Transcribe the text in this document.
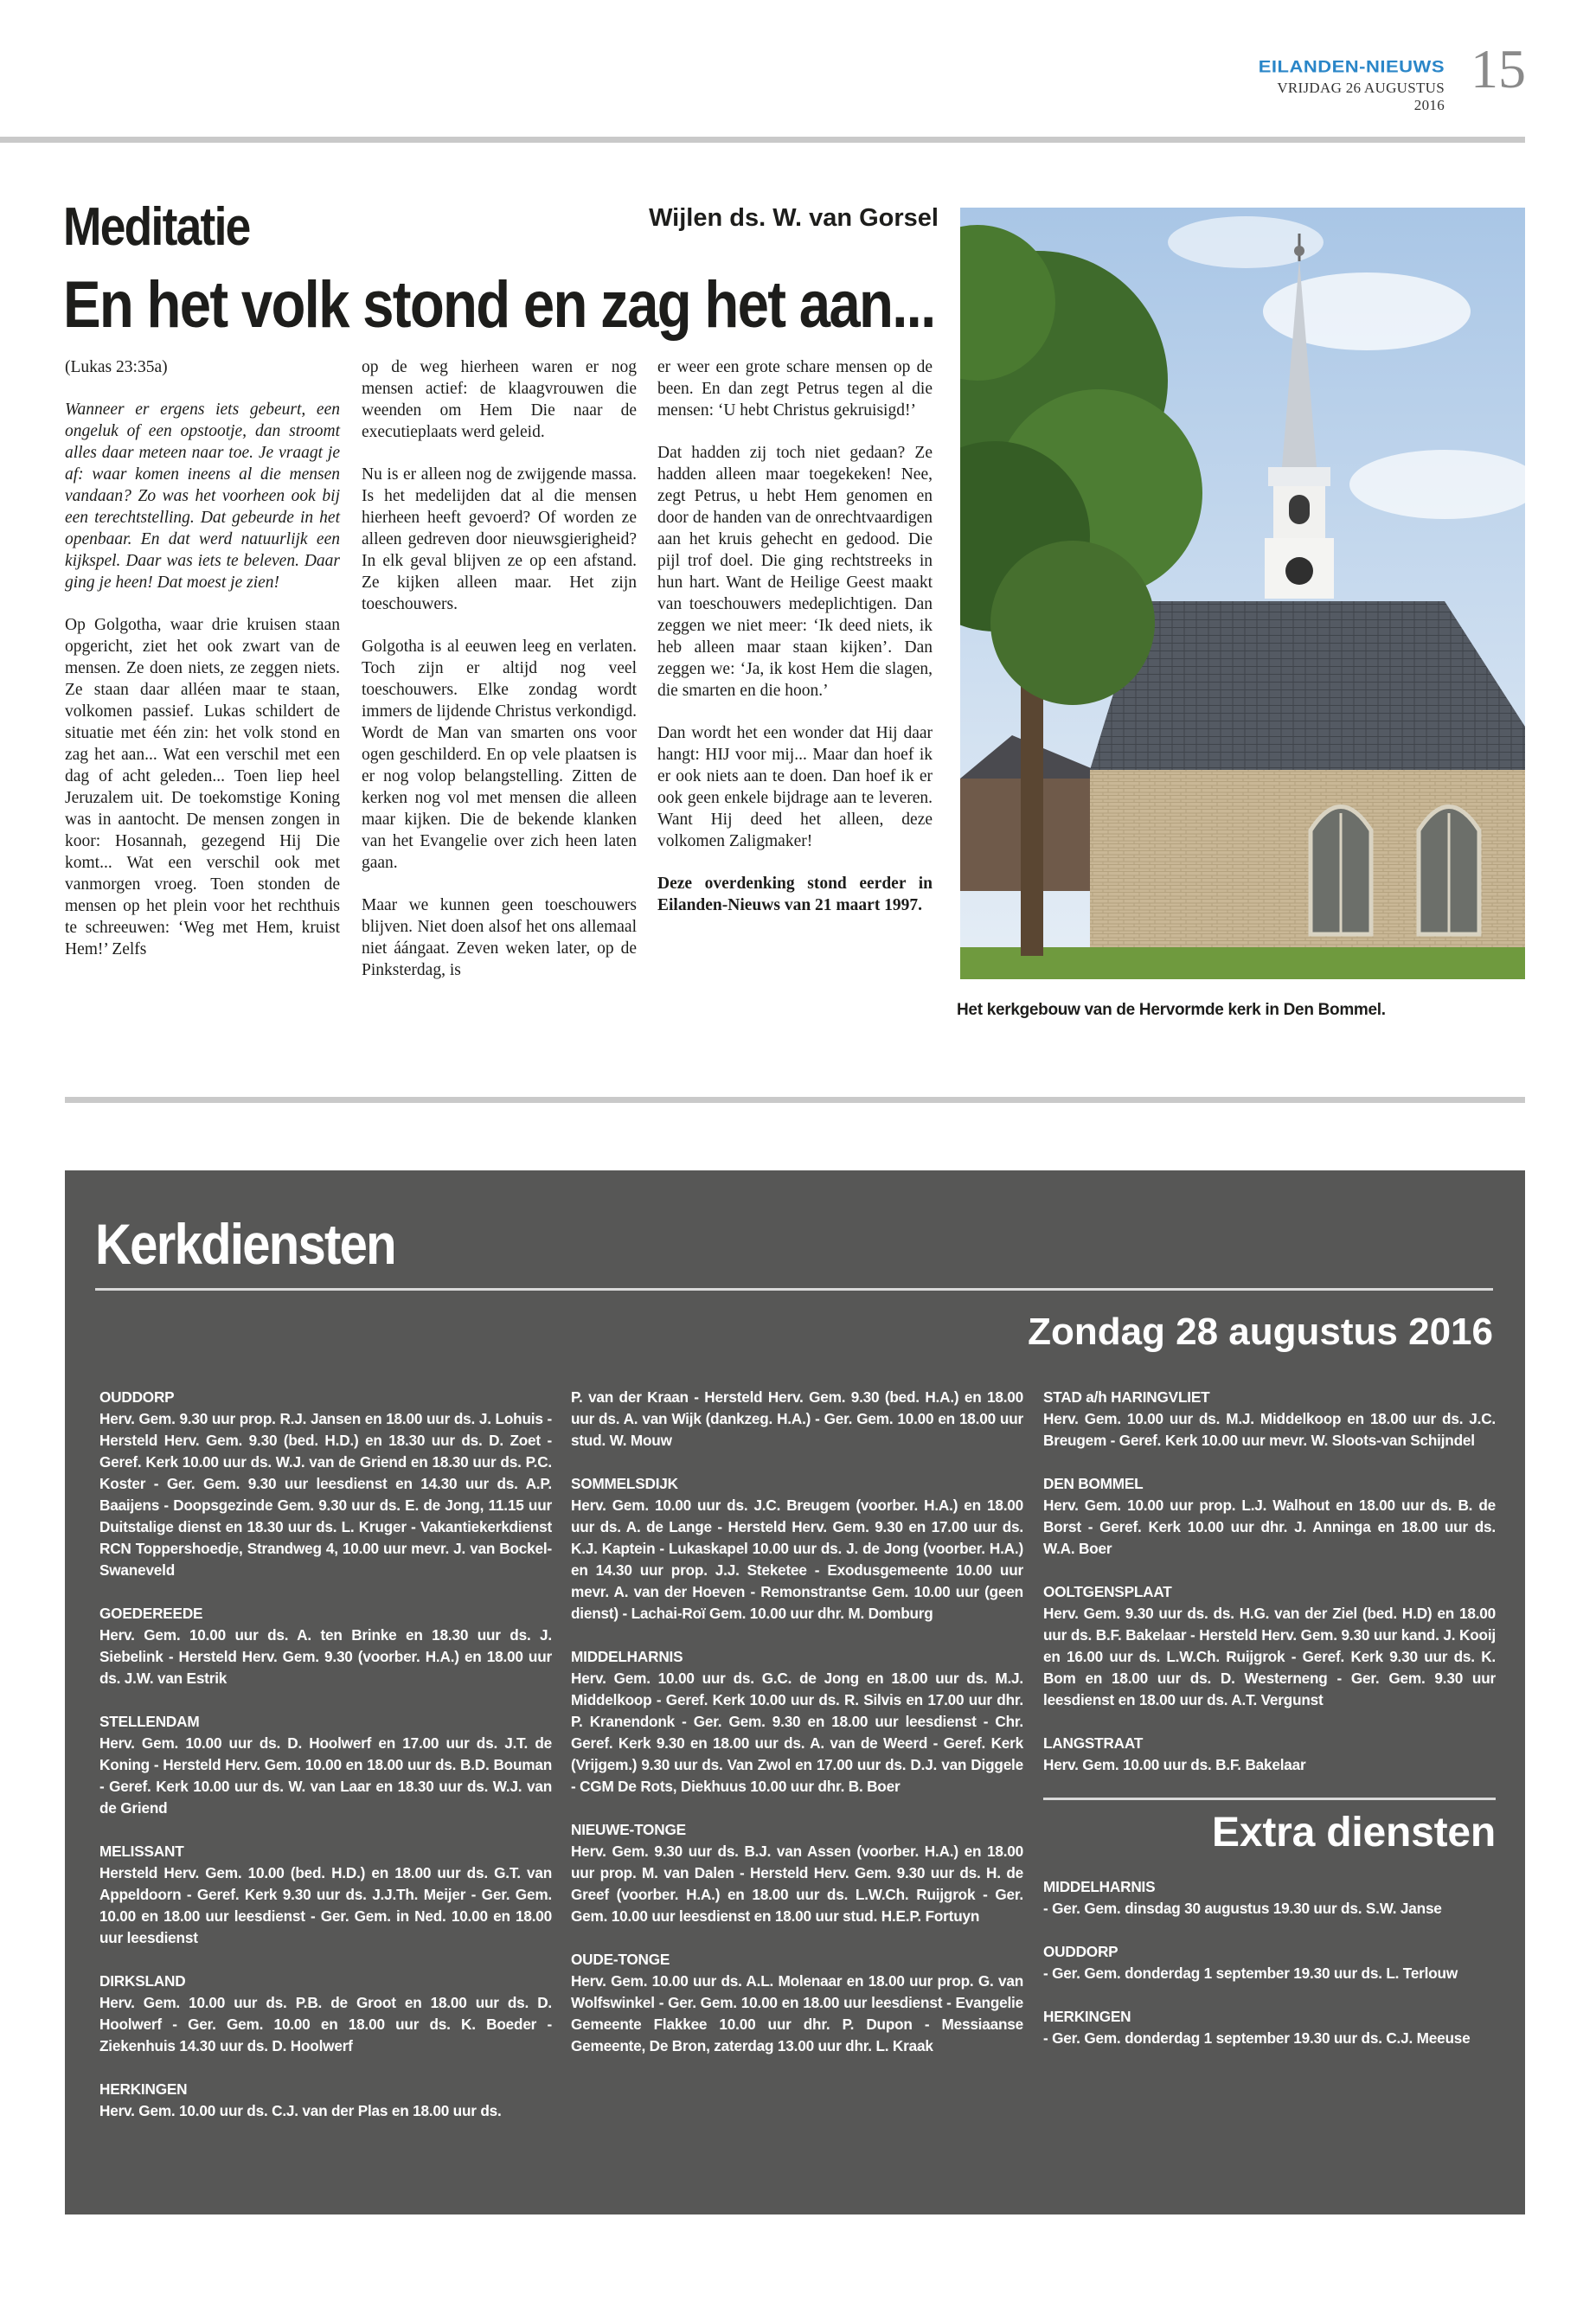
EILANDEN-NIEUWS
VRIJDAG 26 AUGUSTUS 2016
15
Meditatie	Wijlen ds. W. van Gorsel
En het volk stond en zag het aan...

(Lukas 23:35a)

Wanneer er ergens iets gebeurt, een ongeluk of een opstootje, dan stroomt alles daar meteen naar toe. Je vraagt je af: waar komen ineens al die mensen vandaan? Zo was het voorheen ook bij een terechtstelling. Dat gebeurde in het openbaar. En dat werd natuurlijk een kijkspel. Daar was iets te beleven. Daar ging je heen! Dat moest je zien!

Op Golgotha, waar drie kruisen staan opgericht, ziet het ook zwart van de mensen. Ze doen niets, ze zeggen niets. Ze staan daar alléen maar te staan, volkomen passief. Lukas schildert de situatie met één zin: het volk stond en zag het aan... Wat een verschil met een dag of acht geleden... Toen liep heel Jeruzalem uit. De toekomstige Koning was in aantocht. De mensen zongen in koor: Hosannah, gezegend Hij Die komt... Wat een verschil ook met vanmorgen vroeg. Toen stonden de mensen op het plein voor het rechthuis te schreeuwen: ‘Weg met Hem, kruist Hem!’ Zelfs

op de weg hierheen waren er nog mensen actief: de klaagvrouwen die weenden om Hem Die naar de executieplaats werd geleid.

Nu is er alleen nog de zwijgende massa. Is het medelijden dat al die mensen hierheen heeft gevoerd? Of worden ze alleen gedreven door nieuwsgierigheid? In elk geval blijven ze op een afstand. Ze kijken alleen maar. Het zijn toeschouwers.

Golgotha is al eeuwen leeg en verlaten. Toch zijn er altijd nog veel toeschouwers. Elke zondag wordt immers de lijdende Christus verkondigd. Wordt de Man van smarten ons voor ogen geschilderd. En op vele plaatsen is er nog volop belangstelling. Zitten de kerken nog vol met mensen die alleen maar kijken. Die de bekende klanken van het Evangelie over zich heen laten gaan.

Maar we kunnen geen toeschouwers blijven. Niet doen alsof het ons allemaal niet áángaat. Zeven weken later, op de Pinksterdag, is

er weer een grote schare mensen op de been. En dan zegt Petrus tegen al die mensen: ‘U hebt Christus gekruisigd!’

Dat hadden zij toch niet gedaan? Ze hadden alleen maar toegekeken! Nee, zegt Petrus, u hebt Hem genomen en door de handen van de onrechtvaardigen aan het kruis gehecht en gedood. Die pijl trof doel. Die ging rechtstreeks in hun hart. Want de Heilige Geest maakt van toeschouwers medeplichtigen. Dan zeggen we niet meer: ‘Ik deed niets, ik heb alleen maar staan kijken’. Dan zeggen we: ‘Ja, ik kost Hem die slagen, die smarten en die hoon.’

Dan wordt het een wonder dat Hij daar hangt: HIJ voor mij... Maar dan hoef ik er ook niets aan te doen. Dan hoef ik er ook geen enkele bijdrage aan te leveren. Want Hij deed het alleen, deze volkomen Zaligmaker!

Deze overdenking stond eerder in Eilanden-Nieuws van 21 maart 1997.

Het kerkgebouw van de Hervormde kerk in Den Bommel.
Kerkdiensten
Zondag 28 augustus 2016
OUDDORP
Herv. Gem. 9.30 uur prop. R.J. Jansen en 18.00 uur ds. J. Lohuis - Hersteld Herv. Gem. 9.30 (bed. H.D.) en 18.30 uur ds. D. Zoet - Geref. Kerk 10.00 uur ds. W.J. van de Griend en 18.30 uur ds. P.C. Koster - Ger. Gem. 9.30 uur leesdienst en 14.30 uur ds. A.P. Baaijens - Doopsgezinde Gem. 9.30 uur ds. E. de Jong, 11.15 uur Duitstalige dienst en 18.30 uur ds. L. Kruger - Vakantiekerkdienst RCN Toppershoedje, Strandweg 4, 10.00 uur mevr. J. van Bockel-Swaneveld
GOEDEREEDE
Herv. Gem. 10.00 uur ds. A. ten Brinke en 18.30 uur ds. J. Siebelink - Hersteld Herv. Gem. 9.30 (voorber. H.A.) en 18.00 uur ds. J.W. van Estrik
STELLENDAM
Herv. Gem. 10.00 uur ds. D. Hoolwerf en 17.00 uur ds. J.T. de Koning - Hersteld Herv. Gem. 10.00 en 18.00 uur ds. B.D. Bouman - Geref. Kerk 10.00 uur ds. W. van Laar en 18.30 uur ds. W.J. van de Griend
MELISSANT
Hersteld Herv. Gem. 10.00 (bed. H.D.) en 18.00 uur ds. G.T. van Appeldoorn - Geref. Kerk 9.30 uur ds. J.J.Th. Meijer - Ger. Gem. 10.00 en 18.00 uur leesdienst - Ger. Gem. in Ned. 10.00 en 18.00 uur leesdienst
DIRKSLAND
Herv. Gem. 10.00 uur ds. P.B. de Groot en 18.00 uur ds. D. Hoolwerf - Ger. Gem. 10.00 en 18.00 uur ds. K. Boeder - Ziekenhuis 14.30 uur ds. D. Hoolwerf
HERKINGEN
Herv. Gem. 10.00 uur ds. C.J. van der Plas en 18.00 uur ds.
P. van der Kraan - Hersteld Herv. Gem. 9.30 (bed. H.A.) en 18.00 uur ds. A. van Wijk (dankzeg. H.A.) - Ger. Gem. 10.00 en 18.00 uur stud. W. Mouw
SOMMELSDIJK
Herv. Gem. 10.00 uur ds. J.C. Breugem (voorber. H.A.) en 18.00 uur ds. A. de Lange - Hersteld Herv. Gem. 9.30 en 17.00 uur ds. K.J. Kaptein - Lukaskapel 10.00 uur ds. J. de Jong (voorber. H.A.) en 14.30 uur prop. J.J. Steketee - Exodusgemeente 10.00 uur mevr. A. van der Hoeven - Remonstrantse Gem. 10.00 uur (geen dienst) - Lachai-Roï Gem. 10.00 uur dhr. M. Domburg
MIDDELHARNIS
Herv. Gem. 10.00 uur ds. G.C. de Jong en 18.00 uur ds. M.J. Middelkoop - Geref. Kerk 10.00 uur ds. R. Silvis en 17.00 uur dhr. P. Kranendonk - Ger. Gem. 9.30 en 18.00 uur leesdienst - Chr. Geref. Kerk 9.30 en 18.00 uur ds. A. van de Weerd - Geref. Kerk (Vrijgem.) 9.30 uur ds. Van Zwol en 17.00 uur ds. D.J. van Diggele - CGM De Rots, Diekhuus 10.00 uur dhr. B. Boer
NIEUWE-TONGE
Herv. Gem. 9.30 uur ds. B.J. van Assen (voorber. H.A.) en 18.00 uur prop. M. van Dalen - Hersteld Herv. Gem. 9.30 uur ds. H. de Greef (voorber. H.A.) en 18.00 uur ds. L.W.Ch. Ruijgrok - Ger. Gem. 10.00 uur leesdienst en 18.00 uur stud. H.E.P. Fortuyn
OUDE-TONGE
Herv. Gem. 10.00 uur ds. A.L. Molenaar en 18.00 uur prop. G. van Wolfswinkel - Ger. Gem. 10.00 en 18.00 uur leesdienst - Evangelie Gemeente Flakkee 10.00 uur dhr. P. Dupon - Messiaanse Gemeente, De Bron, zaterdag 13.00 uur dhr. L. Kraak
STAD a/h HARINGVLIET
Herv. Gem. 10.00 uur ds. M.J. Middelkoop en 18.00 uur ds. J.C. Breugem - Geref. Kerk 10.00 uur mevr. W. Sloots-van Schijndel
DEN BOMMEL
Herv. Gem. 10.00 uur prop. L.J. Walhout en 18.00 uur ds. B. de Borst - Geref. Kerk 10.00 uur dhr. J. Anninga en 18.00 uur ds. W.A. Boer
OOLTGENSPLAAT
Herv. Gem. 9.30 uur ds. ds. H.G. van der Ziel (bed. H.D) en 18.00 uur ds. B.F. Bakelaar - Hersteld Herv. Gem. 9.30 uur kand. J. Kooij en 16.00 uur ds. L.W.Ch. Ruijgrok - Geref. Kerk 9.30 uur ds. K. Bom en 18.00 uur ds. D. Westerneng - Ger. Gem. 9.30 uur leesdienst en 18.00 uur ds. A.T. Vergunst
LANGSTRAAT
Herv. Gem. 10.00 uur ds. B.F. Bakelaar
Extra diensten
MIDDELHARNIS
- Ger. Gem. dinsdag 30 augustus 19.30 uur ds. S.W. Janse
OUDDORP
- Ger. Gem. donderdag 1 september 19.30 uur ds. L. Terlouw
HERKINGEN
- Ger. Gem. donderdag 1 september 19.30 uur ds. C.J. Meeuse
